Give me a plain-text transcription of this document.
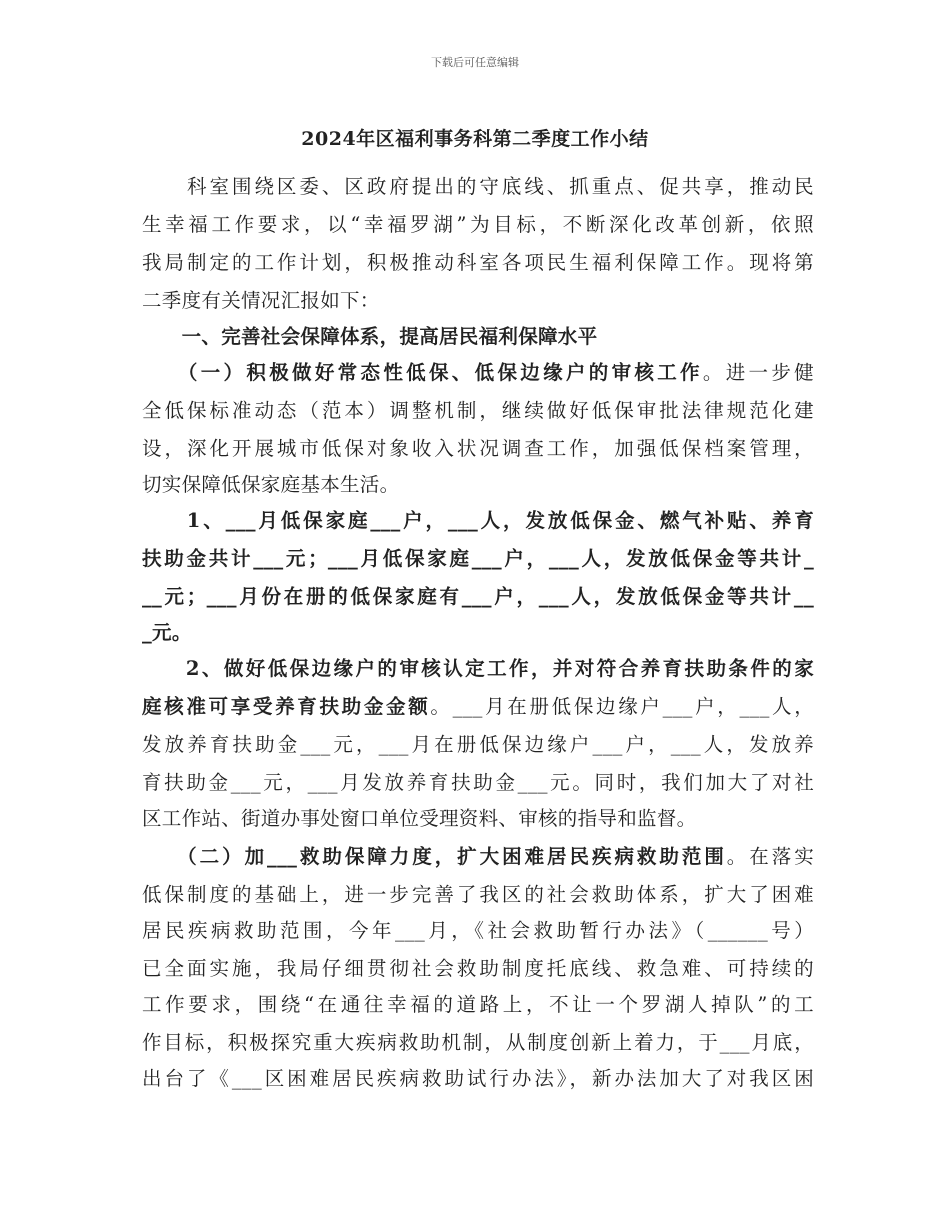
下载后可任意编辑
2024年区福利事务科第二季度工作小结
　　科室围绕区委、区政府提出的守底线、抓重点、促共享，推动民
生幸福工作要求，以“幸福罗湖”为目标，不断深化改革创新，依照
我局制定的工作计划，积极推动科室各项民生福利保障工作。现将第
二季度有关情况汇报如下：
　　一、完善社会保障体系，提高居民福利保障水平
　　（一）积极做好常态性低保、低保边缘户的审核工作。进一步健
全低保标准动态（范本）调整机制，继续做好低保审批法律规范化建
设，深化开展城市低保对象收入状况调查工作，加强低保档案管理，
切实保障低保家庭基本生活。
　　1、___月低保家庭___户，___人，发放低保金、燃气补贴、养育
扶助金共计___元；___月低保家庭___户，___人，发放低保金等共计_
__元；___月份在册的低保家庭有___户，___人，发放低保金等共计__
_元。
　　2、做好低保边缘户的审核认定工作，并对符合养育扶助条件的家
庭核准可享受养育扶助金金额。___月在册低保边缘户___户，___人，
发放养育扶助金___元，___月在册低保边缘户___户，___人，发放养
育扶助金___元，___月发放养育扶助金___元。同时，我们加大了对社
区工作站、街道办事处窗口单位受理资料、审核的指导和监督。
　　（二）加___救助保障力度，扩大困难居民疾病救助范围。在落实
低保制度的基础上，进一步完善了我区的社会救助体系，扩大了困难
居民疾病救助范围，今年___月，《社会救助暂行办法》（______号）
已全面实施，我局仔细贯彻社会救助制度托底线、救急难、可持续的
工作要求，围绕“在通往幸福的道路上，不让一个罗湖人掉队”的工
作目标，积极探究重大疾病救助机制，从制度创新上着力，于___月底，
出台了《___区困难居民疾病救助试行办法》，新办法加大了对我区困
